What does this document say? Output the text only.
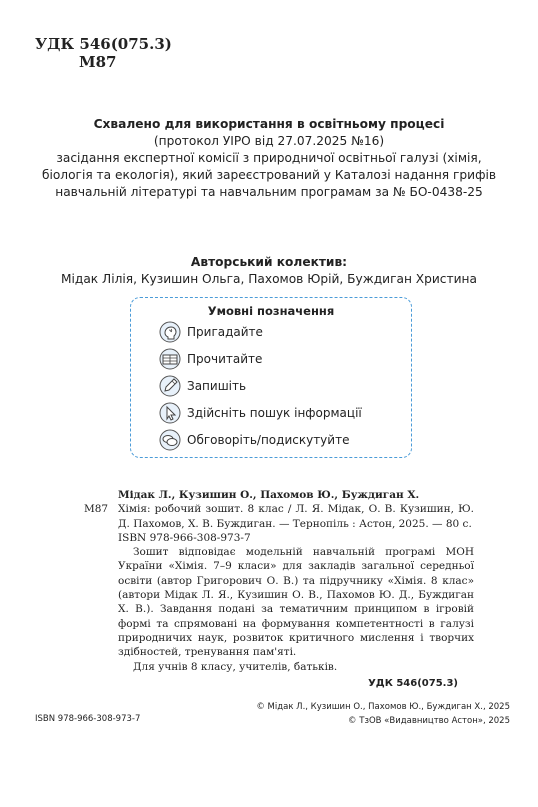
УДК 546(075.3)
М87
Схвалено для використання в освітньому процесі
(протокол УІРО від 27.07.2025 №16)
засідання експертної комісії з природничої освітньої галузі (хімія,
біологія та екологія), який зареєстрований у Каталозі надання грифів
навчальній літературі та навчальним програмам за № БО-0438-25
Авторський колектив:
Мідак Лілія, Кузишин Ольга, Пахомов Юрій, Буждиган Христина
Умовні позначення
Пригадайте
Прочитайте
Запишіть
Здійсніть пошук інформації
Обговоріть/подискутуйте
М87
Мідак Л., Кузишин О., Пахомов Ю., Буждиган Х.
Хімія: робочий зошит. 8 клас / Л. Я. Мідак, О. В. Кузишин, Ю. Д. Пахомов, Х. В. Буждиган. — Тернопіль : Астон, 2025. — 80 с.
ISBN 978-966-308-973-7
Зошит відповідає модельній навчальній програмі МОН України «Хімія. 7–9 класи» для закладів загальної середньої освіти (автор Григорович О. В.) та підручнику «Хімія. 8 клас» (автори Мідак Л. Я., Кузишин О. В., Пахомов Ю. Д., Буждиган Х. В.). Завдання подані за тематичним принципом в ігровій формі та спрямовані на формування компетентності в галузі природничих наук, розвиток критичного мислення і творчих здібностей, тренування пам'яті.
Для учнів 8 класу, учителів, батьків.
УДК 546(075.3)
© Мідак Л., Кузишин О., Пахомов Ю., Буждиган Х., 2025
© ТзОВ «Видавництво Астон», 2025
ISBN 978-966-308-973-7
